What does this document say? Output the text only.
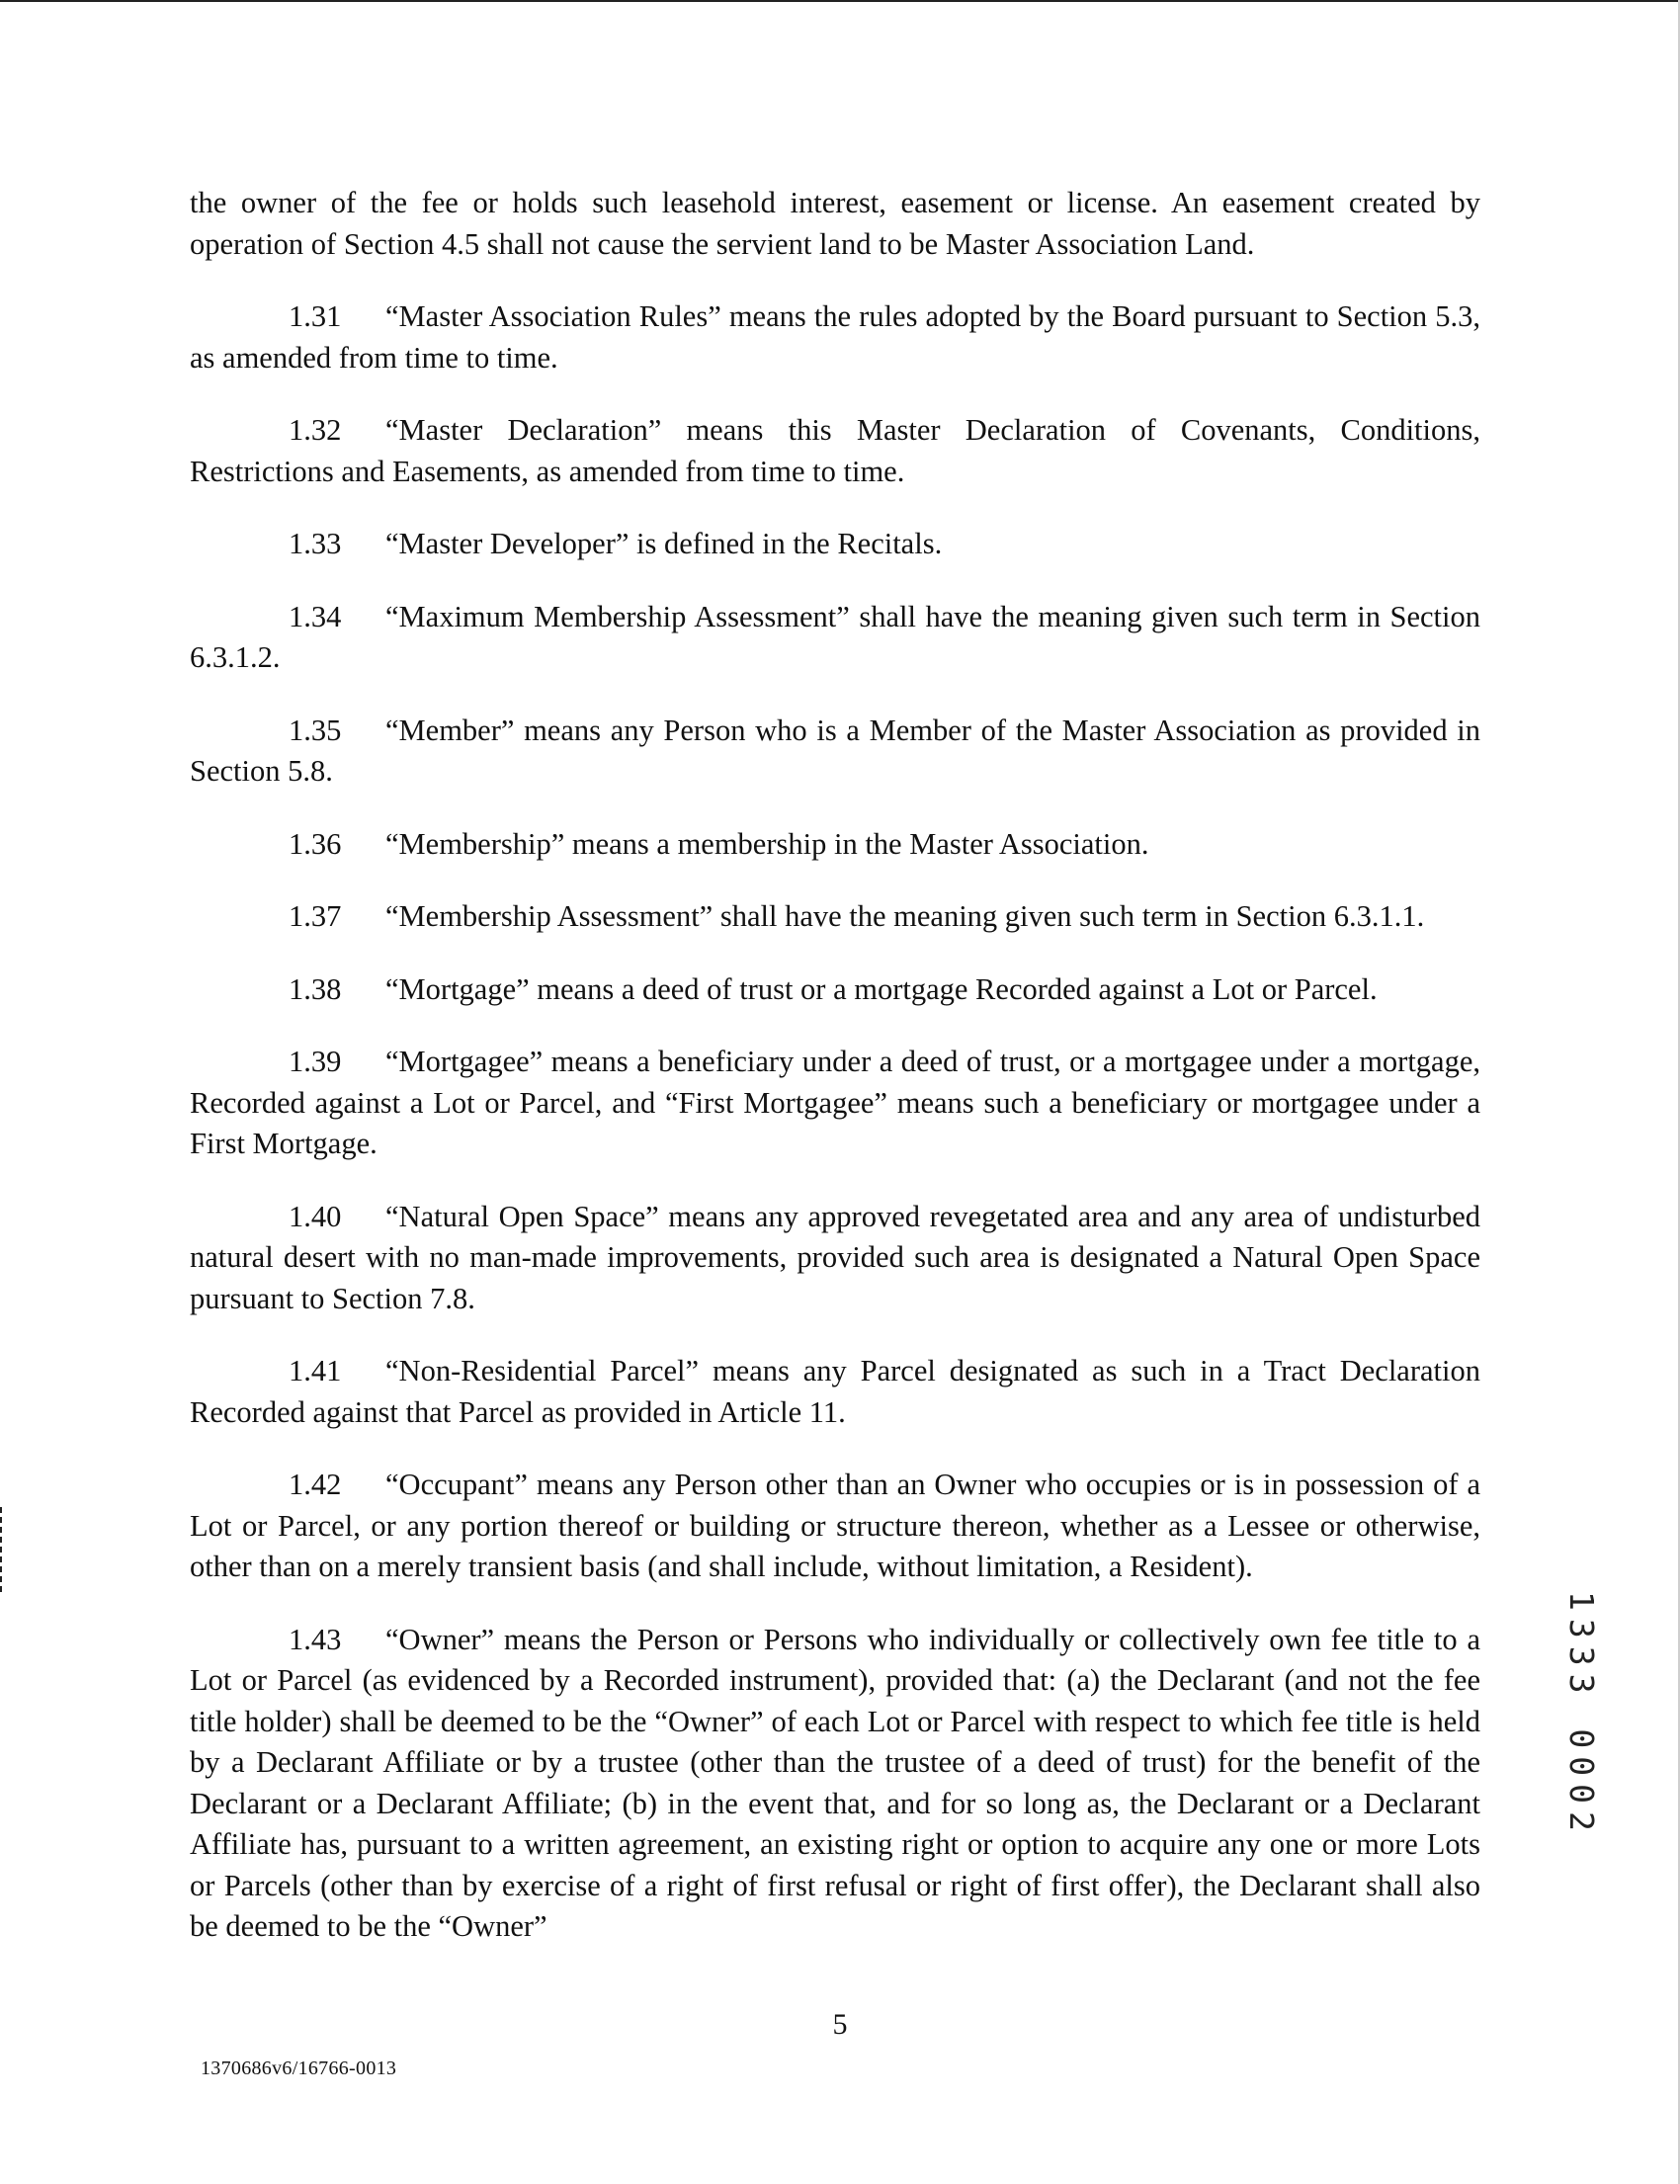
the owner of the fee or holds such leasehold interest, easement or license. An easement created by operation of Section 4.5 shall not cause the servient land to be Master Association Land.

1.31 “Master Association Rules” means the rules adopted by the Board pursuant to Section 5.3, as amended from time to time.

1.32 “Master Declaration” means this Master Declaration of Covenants, Conditions, Restrictions and Easements, as amended from time to time.

1.33 “Master Developer” is defined in the Recitals.

1.34 “Maximum Membership Assessment” shall have the meaning given such term in Section 6.3.1.2.

1.35 “Member” means any Person who is a Member of the Master Association as provided in Section 5.8.

1.36 “Membership” means a membership in the Master Association.

1.37 “Membership Assessment” shall have the meaning given such term in Section 6.3.1.1.

1.38 “Mortgage” means a deed of trust or a mortgage Recorded against a Lot or Parcel.

1.39 “Mortgagee” means a beneficiary under a deed of trust, or a mortgagee under a mortgage, Recorded against a Lot or Parcel, and “First Mortgagee” means such a beneficiary or mortgagee under a First Mortgage.

1.40 “Natural Open Space” means any approved revegetated area and any area of undisturbed natural desert with no man-made improvements, provided such area is designated a Natural Open Space pursuant to Section 7.8.

1.41 “Non-Residential Parcel” means any Parcel designated as such in a Tract Declaration Recorded against that Parcel as provided in Article 11.

1.42 “Occupant” means any Person other than an Owner who occupies or is in possession of a Lot or Parcel, or any portion thereof or building or structure thereon, whether as a Lessee or otherwise, other than on a merely transient basis (and shall include, without limitation, a Resident).

1.43 “Owner” means the Person or Persons who individually or collectively own fee title to a Lot or Parcel (as evidenced by a Recorded instrument), provided that: (a) the Declarant (and not the fee title holder) shall be deemed to be the “Owner” of each Lot or Parcel with respect to which fee title is held by a Declarant Affiliate or by a trustee (other than the trustee of a deed of trust) for the benefit of the Declarant or a Declarant Affiliate; (b) in the event that, and for so long as, the Declarant or a Declarant Affiliate has, pursuant to a written agreement, an existing right or option to acquire any one or more Lots or Parcels (other than by exercise of a right of first refusal or right of first offer), the Declarant shall also be deemed to be the “Owner”

5
1370686v6/16766-0013
1333 0002
